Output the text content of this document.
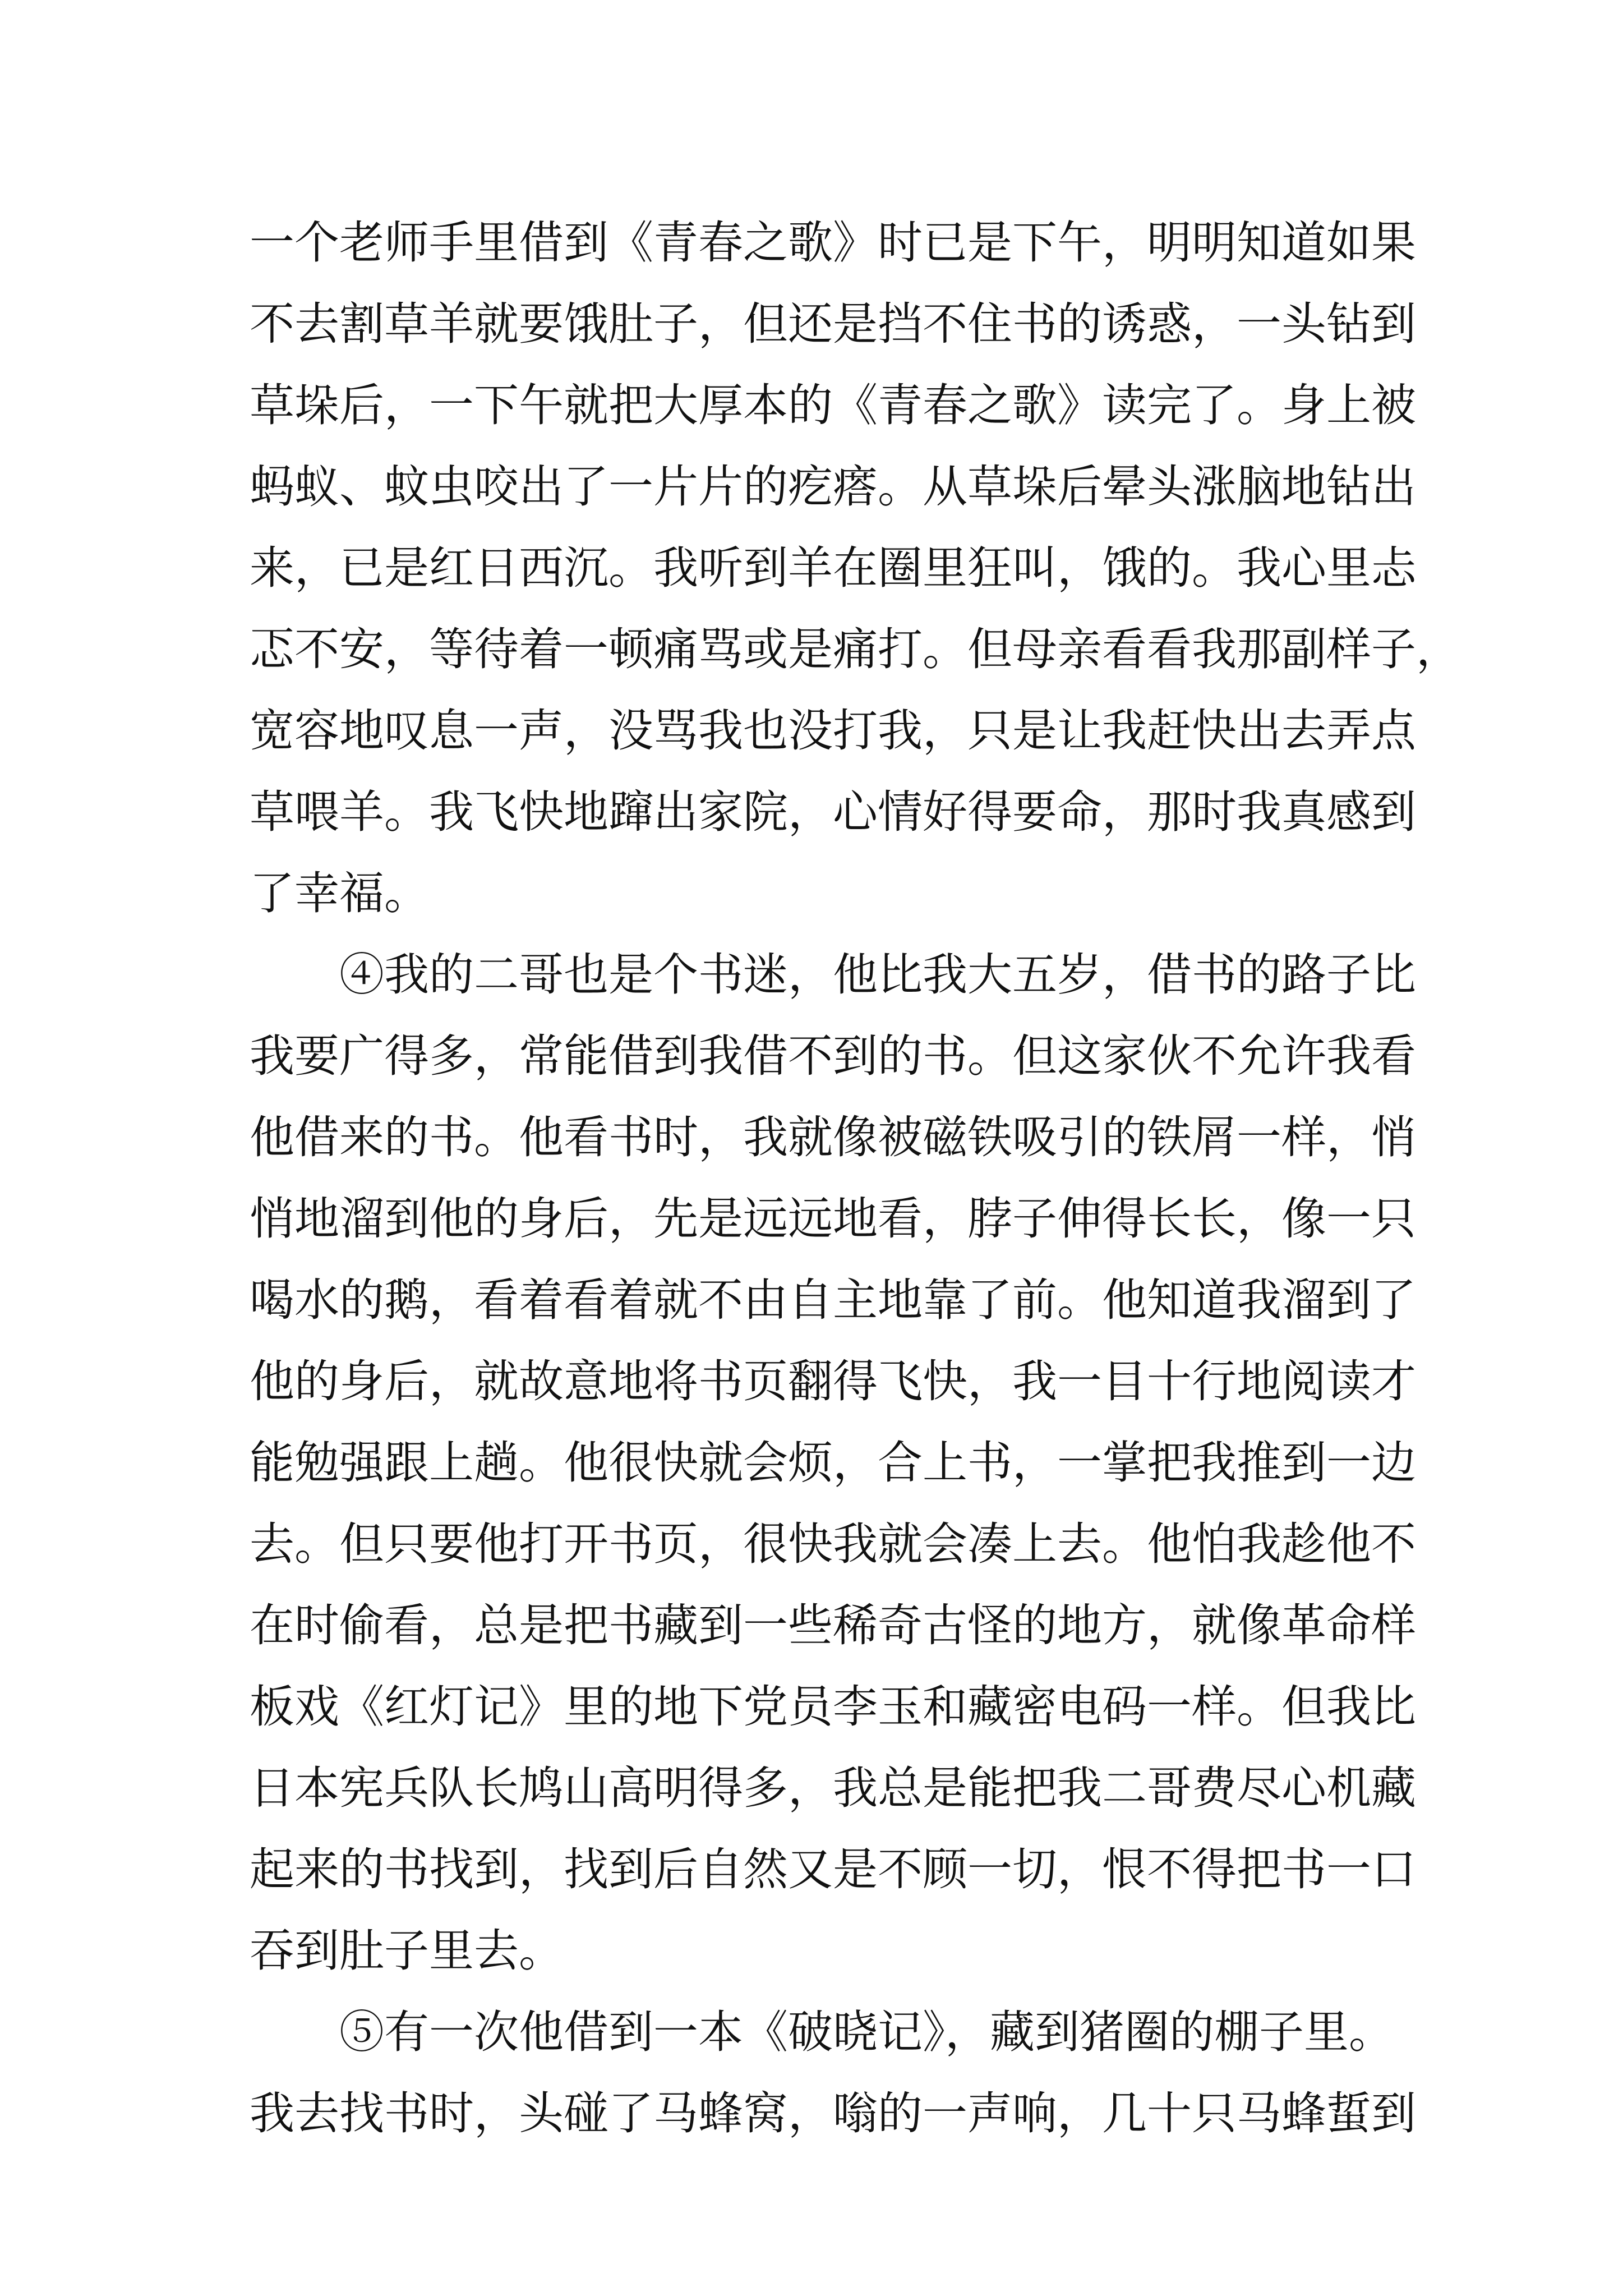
一个老师手里借到《青春之歌》时已是下午，明明知道如果
不去割草羊就要饿肚子，但还是挡不住书的诱惑，一头钻到
草垛后，一下午就把大厚本的《青春之歌》读完了。身上被
蚂蚁、蚊虫咬出了一片片的疙瘩。从草垛后晕头涨脑地钻出
来，已是红日西沉。我听到羊在圈里狂叫，饿的。我心里忐
忑不安，等待着一顿痛骂或是痛打。但母亲看看我那副样子，
宽容地叹息一声，没骂我也没打我，只是让我赶快出去弄点
草喂羊。我飞快地蹿出家院，心情好得要命，那时我真感到
了幸福。
　　④我的二哥也是个书迷，他比我大五岁，借书的路子比
我要广得多，常能借到我借不到的书。但这家伙不允许我看
他借来的书。他看书时，我就像被磁铁吸引的铁屑一样，悄
悄地溜到他的身后，先是远远地看，脖子伸得长长，像一只
喝水的鹅，看着看着就不由自主地靠了前。他知道我溜到了
他的身后，就故意地将书页翻得飞快，我一目十行地阅读才
能勉强跟上趟。他很快就会烦，合上书，一掌把我推到一边
去。但只要他打开书页，很快我就会凑上去。他怕我趁他不
在时偷看，总是把书藏到一些稀奇古怪的地方，就像革命样
板戏《红灯记》里的地下党员李玉和藏密电码一样。但我比
日本宪兵队长鸠山高明得多，我总是能把我二哥费尽心机藏
起来的书找到，找到后自然又是不顾一切，恨不得把书一口
吞到肚子里去。
　　⑤有一次他借到一本《破晓记》，藏到猪圈的棚子里。
我去找书时，头碰了马蜂窝，嗡的一声响，几十只马蜂蜇到
